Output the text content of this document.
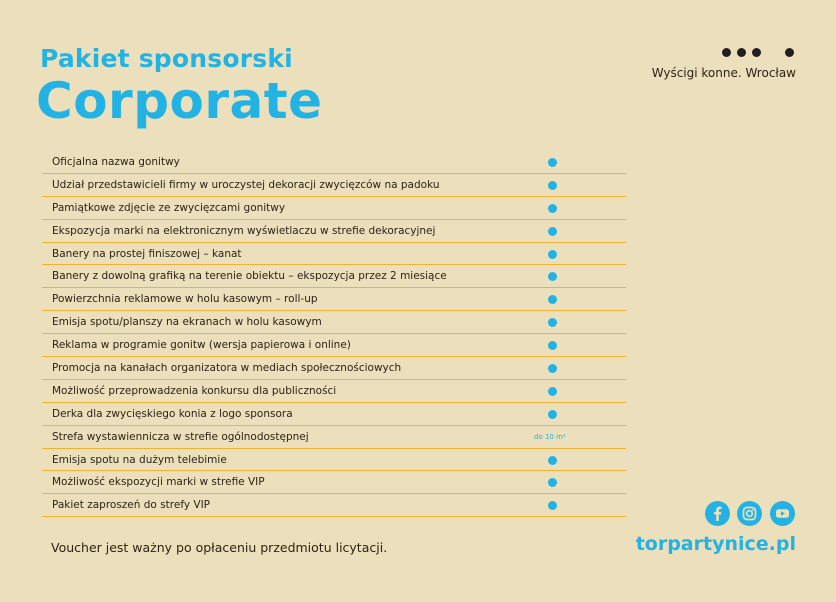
Pakiet sponsorski
Corporate	Wyścigi konne. Wrocław
Oficjalna nazwa gonitwy
Udział przedstawicieli firmy w uroczystej dekoracji zwycięzców na padoku
Pamiątkowe zdjęcie ze zwycięzcami gonitwy
Ekspozycja marki na elektronicznym wyświetlaczu w strefie dekoracyjnej
Banery na prostej finiszowej – kanat
Banery z dowolną grafiką na terenie obiektu – ekspozycja przez 2 miesiące
Powierzchnia reklamowe w holu kasowym – roll-up
Emisja spotu/planszy na ekranach w holu kasowym
Reklama w programie gonitw (wersja papierowa i online)
Promocja na kanałach organizatora w mediach społecznościowych
Możliwość przeprowadzenia konkursu dla publiczności
Derka dla zwycięskiego konia z logo sponsora
Strefa wystawiennicza w strefie ogólnodostępnej	do 10 m²
Emisja spotu na dużym telebimie
Możliwość ekspozycji marki w strefie VIP
Pakiet zaproszeń do strefy VIP
Voucher jest ważny po opłaceniu przedmiotu licytacji.	torpartynice.pl
